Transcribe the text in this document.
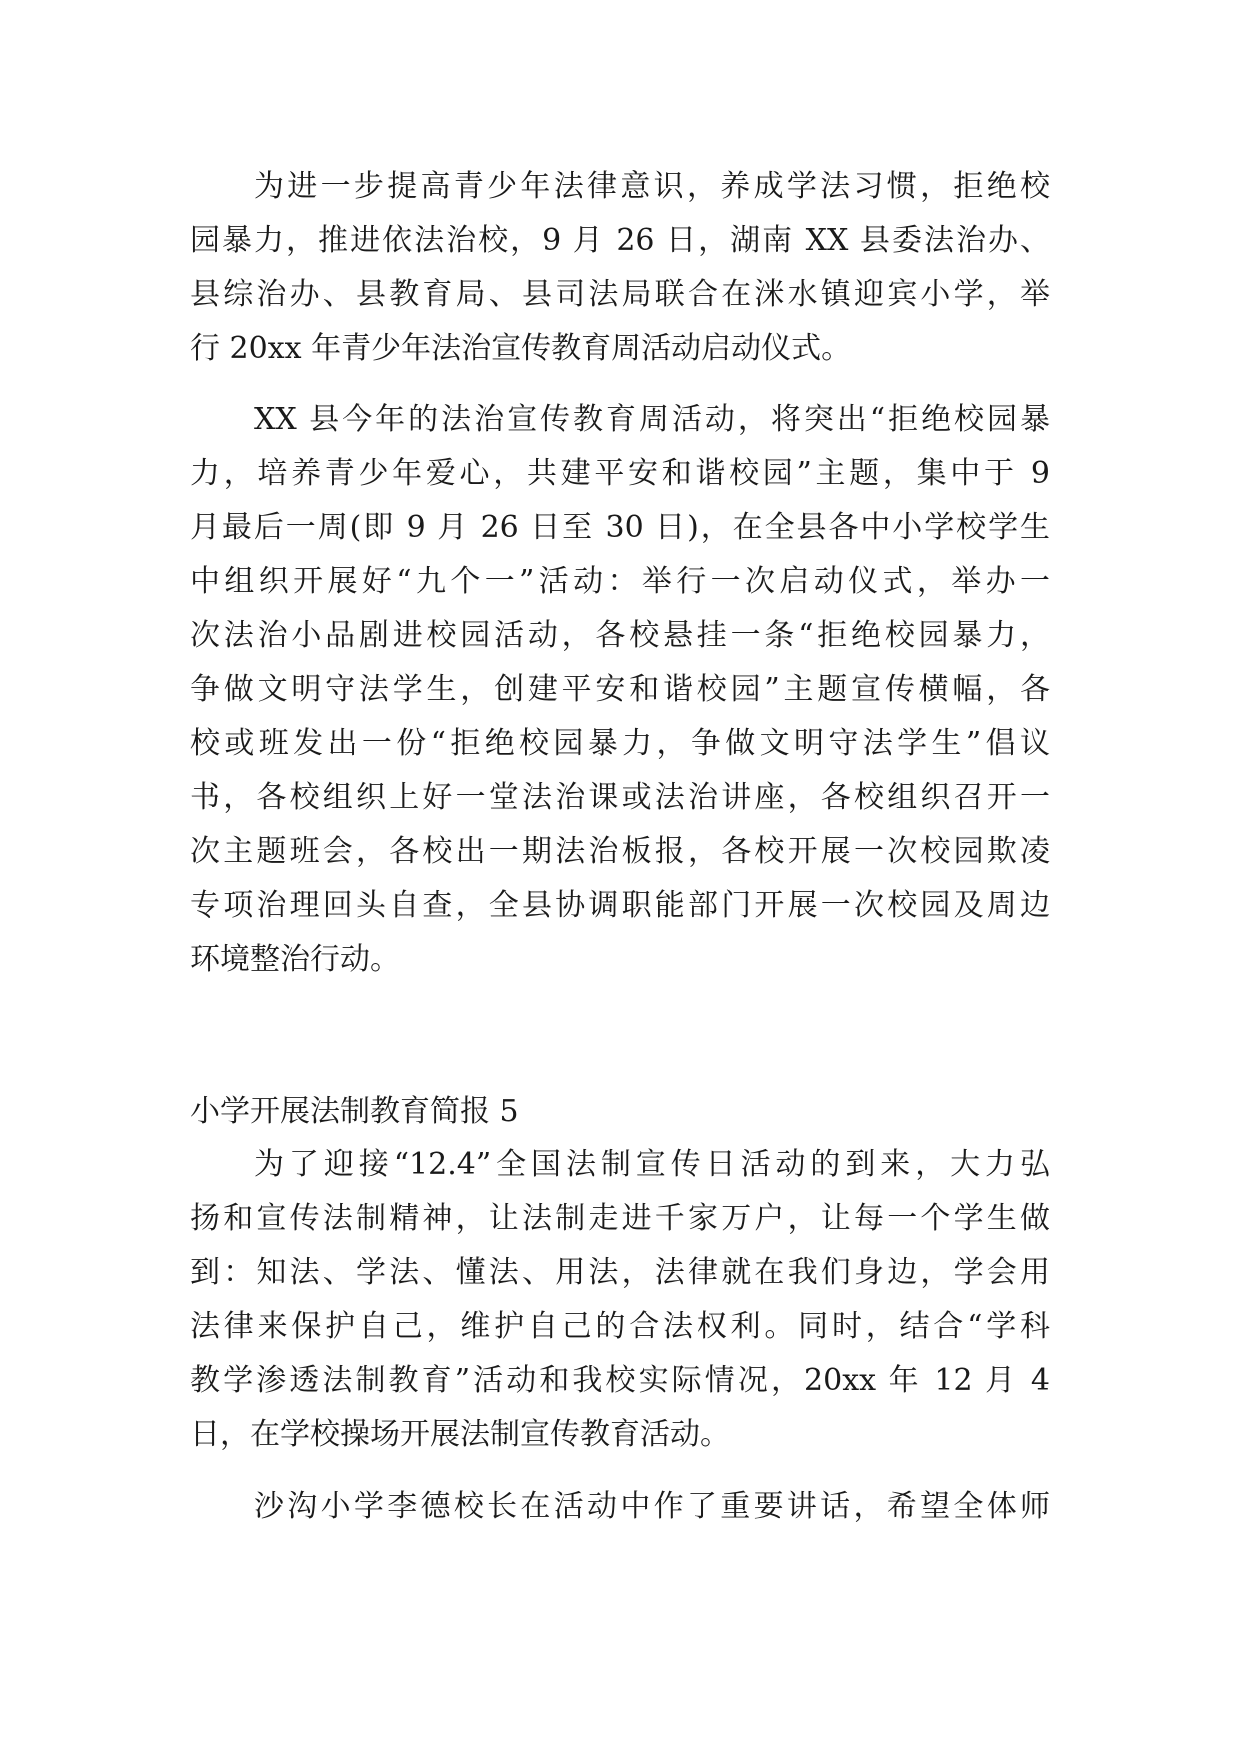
为进一步提高青少年法律意识，养成学法习惯，拒绝校
园暴力，推进依法治校，9 月 26 日，湖南 XX 县委法治办、
县综治办、县教育局、县司法局联合在洣水镇迎宾小学，举
行 20xx 年青少年法治宣传教育周活动启动仪式。
XX 县今年的法治宣传教育周活动，将突出“拒绝校园暴
力，培养青少年爱心，共建平安和谐校园”主题，集中于 9
月最后一周(即 9 月 26 日至 30 日)，在全县各中小学校学生
中组织开展好“九个一”活动：举行一次启动仪式，举办一
次法治小品剧进校园活动，各校悬挂一条“拒绝校园暴力，
争做文明守法学生，创建平安和谐校园”主题宣传横幅，各
校或班发出一份“拒绝校园暴力，争做文明守法学生”倡议
书，各校组织上好一堂法治课或法治讲座，各校组织召开一
次主题班会，各校出一期法治板报，各校开展一次校园欺凌
专项治理回头自查，全县协调职能部门开展一次校园及周边
环境整治行动。
小学开展法制教育简报 5
为了迎接“12.4”全国法制宣传日活动的到来，大力弘
扬和宣传法制精神，让法制走进千家万户，让每一个学生做
到：知法、学法、懂法、用法，法律就在我们身边，学会用
法律来保护自己，维护自己的合法权利。同时，结合“学科
教学渗透法制教育”活动和我校实际情况，20xx 年 12 月 4
日，在学校操场开展法制宣传教育活动。
沙沟小学李德校长在活动中作了重要讲话，希望全体师
